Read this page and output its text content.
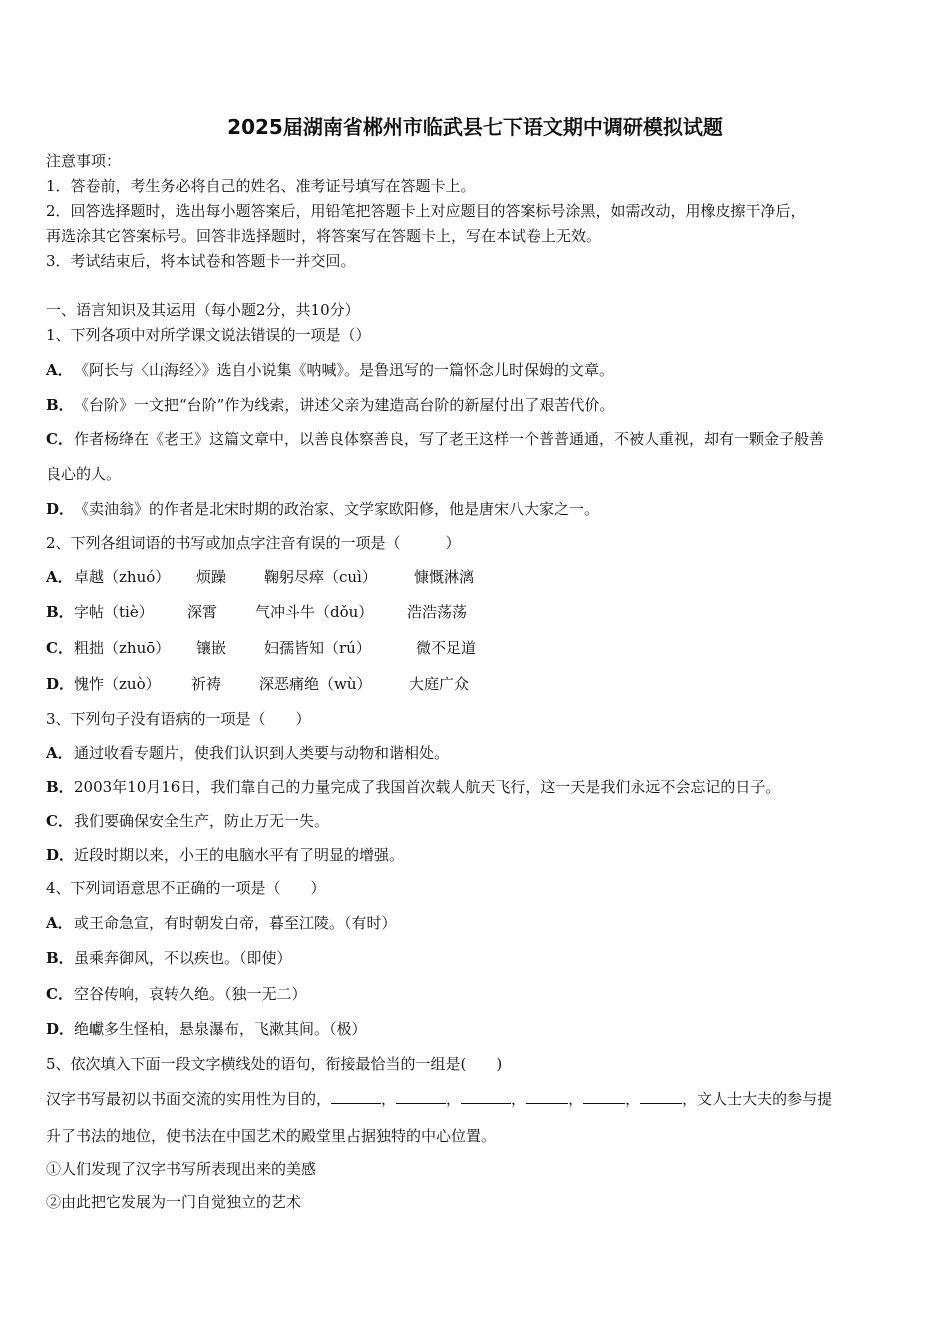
2025届湖南省郴州市临武县七下语文期中调研模拟试题
注意事项：
1．答卷前，考生务必将自己的姓名、准考证号填写在答题卡上。
2．回答选择题时，选出每小题答案后，用铅笔把答题卡上对应题目的答案标号涂黑，如需改动，用橡皮擦干净后，
再选涂其它答案标号。回答非选择题时，将答案写在答题卡上，写在本试卷上无效。
3．考试结束后，将本试卷和答题卡一并交回。
一、语言知识及其运用（每小题2分，共10分）
1、下列各项中对所学课文说法错误的一项是（）
A．《阿长与〈山海经〉》选自小说集《呐喊》。是鲁迅写的一篇怀念儿时保姆的文章。
B．《台阶》一文把“台阶”作为线索，讲述父亲为建造高台阶的新屋付出了艰苦代价。
C．作者杨绛在《老王》这篇文章中，以善良体察善良，写了老王这样一个普普通通，不被人重视，却有一颗金子般善
良心的人。
D．《卖油翁》的作者是北宋时期的政治家、文学家欧阳修，他是唐宋八大家之一。
2、下列各组词语的书写或加点字注音有误的一项是（　　　）
A．卓越（zhuó） 烦躁	鞠躬尽瘁（cuì） 慷慨淋漓
B．字帖（tiè） 深霄	气冲斗牛（dǒu） 浩浩荡荡
C．粗拙（zhuō） 镶嵌	妇孺皆知（rú）	微不足道
D．愧怍（zuò） 祈祷	深恶痛绝（wù） 大庭广众
3、下列句子没有语病的一项是（　　）
A．通过收看专题片，使我们认识到人类要与动物和谐相处。
B．2003年10月16日，我们靠自己的力量完成了我国首次载人航天飞行，这一天是我们永远不会忘记的日子。
C．我们要确保安全生产，防止万无一失。
D．近段时期以来，小王的电脑水平有了明显的增强。
4、下列词语意思不正确的一项是（　　）
A．或王命急宣，有时朝发白帝，暮至江陵。（有时）
B．虽乘奔御风，不以疾也。（即使）
C．空谷传响，哀转久绝。（独一无二）
D．绝巘多生怪柏，悬泉瀑布，飞漱其间。（极）
5、依次填入下面一段文字横线处的语句，衔接最恰当的一组是(　　)
汉字书写最初以书面交流的实用性为目的，	，	，	，	，	，	，文人士大夫的参与提
升了书法的地位，使书法在中国艺术的殿堂里占据独特的中心位置。
①人们发现了汉字书写所表现出来的美感
②由此把它发展为一门自觉独立的艺术
